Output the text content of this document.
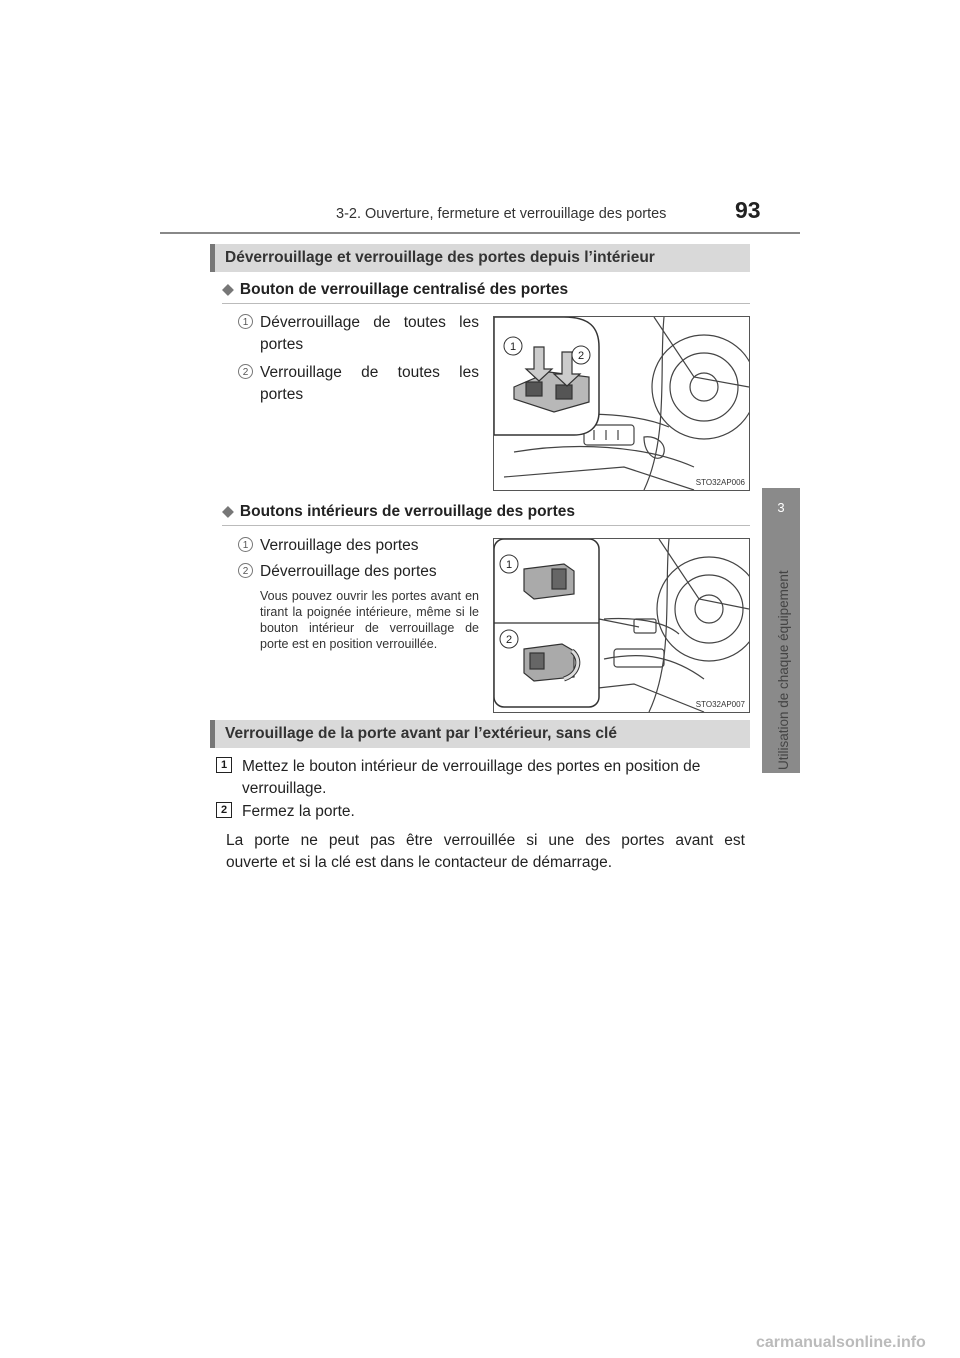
3-2. Ouverture, fermeture et verrouillage des portes	93
3
Utilisation de chaque équipement
Déverrouillage et verrouillage des portes depuis l’intérieur
◆ Bouton de verrouillage centralisé des portes
1 Déverrouillage de toutes les
portes
2 Verrouillage de toutes les
portes
1
2
STO32AP006
◆ Boutons intérieurs de verrouillage des portes
1 Verrouillage des portes
2 Déverrouillage des portes
Vous pouvez ouvrir les portes avant en tirant la poignée intérieure, même si le bouton intérieur de verrouillage de porte est en position verrouillée.
1
2
STO32AP007
Verrouillage de la porte avant par l’extérieur, sans clé
1 Mettez le bouton intérieur de verrouillage des portes en position de
verrouillage.
2 Fermez la porte.
La porte ne peut pas être verrouillée si une des portes avant est
ouverte et si la clé est dans le contacteur de démarrage.
carmanualsonline.info
